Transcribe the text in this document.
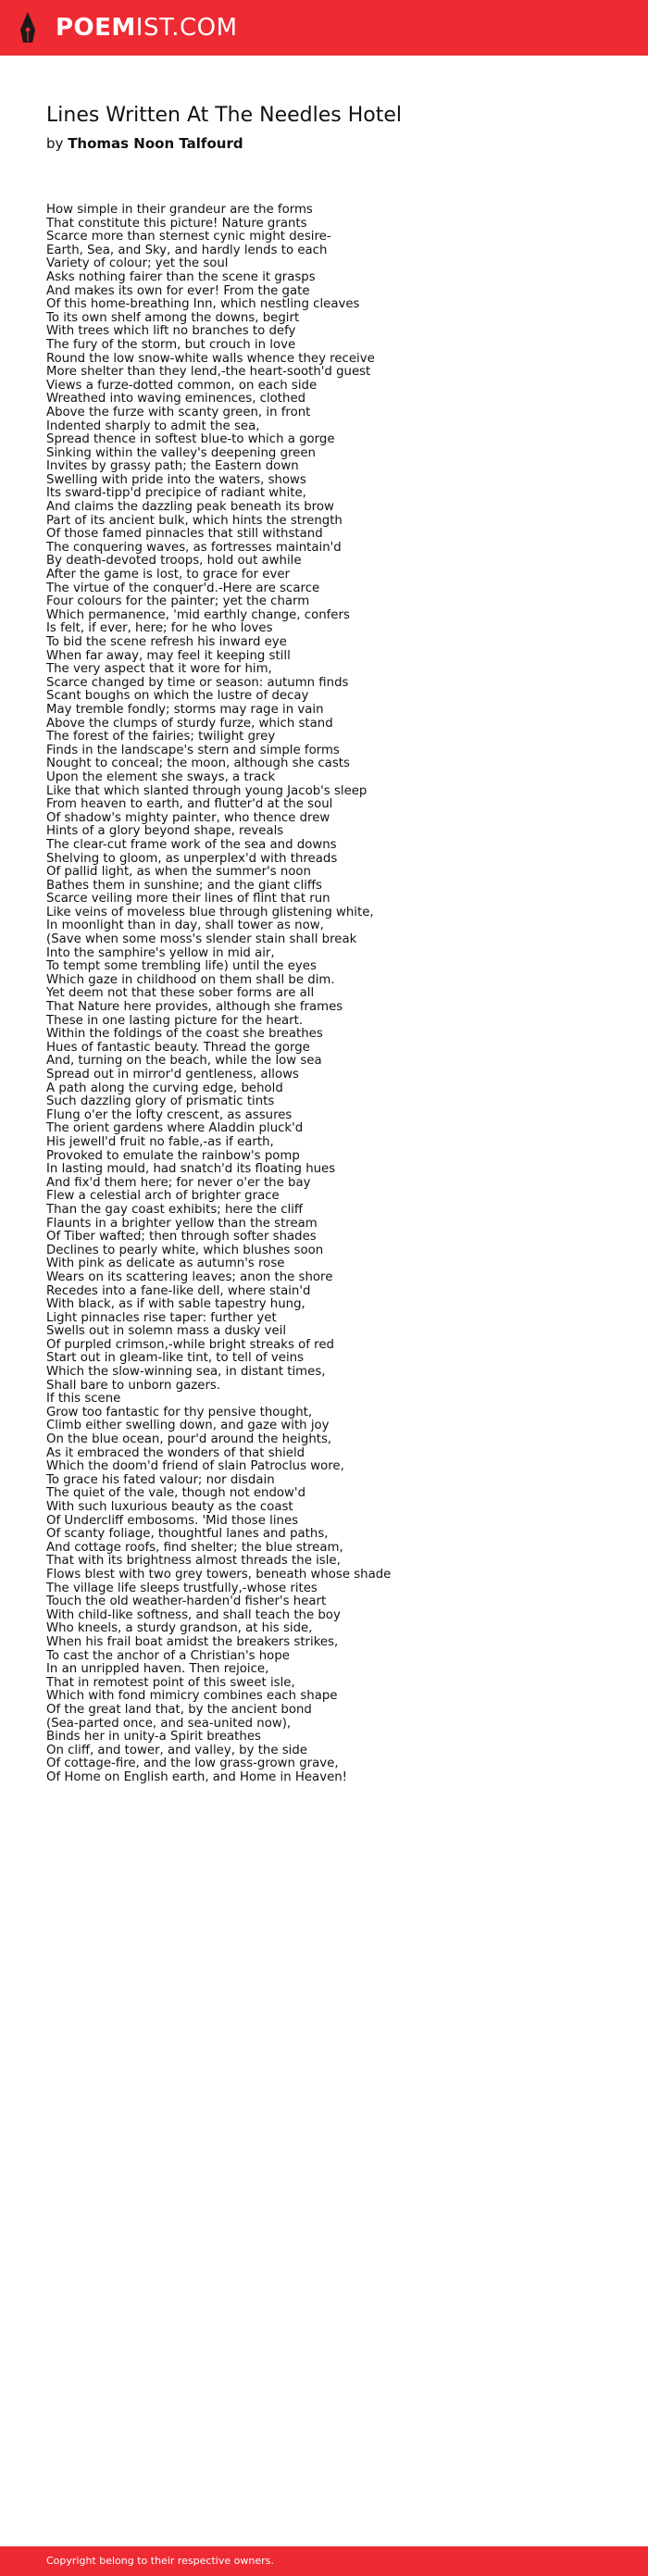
POEMIST.COM
Lines Written At The Needles Hotel
by Thomas Noon Talfourd
How simple in their grandeur are the forms
That constitute this picture! Nature grants
Scarce more than sternest cynic might desire-
Earth, Sea, and Sky, and hardly lends to each
Variety of colour; yet the soul
Asks nothing fairer than the scene it grasps
And makes its own for ever! From the gate
Of this home-breathing Inn, which nestling cleaves
To its own shelf among the downs, begirt
With trees which lift no branches to defy
The fury of the storm, but crouch in love
Round the low snow-white walls whence they receive
More shelter than they lend,-the heart-sooth'd guest
Views a furze-dotted common, on each side
Wreathed into waving eminences, clothed
Above the furze with scanty green, in front
Indented sharply to admit the sea,
Spread thence in softest blue-to which a gorge
Sinking within the valley's deepening green
Invites by grassy path; the Eastern down
Swelling with pride into the waters, shows
Its sward-tipp'd precipice of radiant white,
And claims the dazzling peak beneath its brow
Part of its ancient bulk, which hints the strength
Of those famed pinnacles that still withstand
The conquering waves, as fortresses maintain'd
By death-devoted troops, hold out awhile
After the game is lost, to grace for ever
The virtue of the conquer'd.-Here are scarce
Four colours for the painter; yet the charm
Which permanence, 'mid earthly change, confers
Is felt, if ever, here; for he who loves
To bid the scene refresh his inward eye
When far away, may feel it keeping still
The very aspect that it wore for him,
Scarce changed by time or season: autumn finds
Scant boughs on which the lustre of decay
May tremble fondly; storms may rage in vain
Above the clumps of sturdy furze, which stand
The forest of the fairies; twilight grey
Finds in the landscape's stern and simple forms
Nought to conceal; the moon, although she casts
Upon the element she sways, a track
Like that which slanted through young Jacob's sleep
From heaven to earth, and flutter'd at the soul
Of shadow's mighty painter, who thence drew
Hints of a glory beyond shape, reveals
The clear-cut frame work of the sea and downs
Shelving to gloom, as unperplex'd with threads
Of pallid light, as when the summer's noon
Bathes them in sunshine; and the giant cliffs
Scarce veiling more their lines of flint that run
Like veins of moveless blue through glistening white,
In moonlight than in day, shall tower as now,
(Save when some moss's slender stain shall break
Into the samphire's yellow in mid air,
To tempt some trembling life) until the eyes
Which gaze in childhood on them shall be dim.
Yet deem not that these sober forms are all
That Nature here provides, although she frames
These in one lasting picture for the heart.
Within the foldings of the coast she breathes
Hues of fantastic beauty. Thread the gorge
And, turning on the beach, while the low sea
Spread out in mirror'd gentleness, allows
A path along the curving edge, behold
Such dazzling glory of prismatic tints
Flung o'er the lofty crescent, as assures
The orient gardens where Aladdin pluck'd
His jewell'd fruit no fable,-as if earth,
Provoked to emulate the rainbow's pomp
In lasting mould, had snatch'd its floating hues
And fix'd them here; for never o'er the bay
Flew a celestial arch of brighter grace
Than the gay coast exhibits; here the cliff
Flaunts in a brighter yellow than the stream
Of Tiber wafted; then through softer shades
Declines to pearly white, which blushes soon
With pink as delicate as autumn's rose
Wears on its scattering leaves; anon the shore
Recedes into a fane-like dell, where stain'd
With black, as if with sable tapestry hung,
Light pinnacles rise taper: further yet
Swells out in solemn mass a dusky veil
Of purpled crimson,-while bright streaks of red
Start out in gleam-like tint, to tell of veins
Which the slow-winning sea, in distant times,
Shall bare to unborn gazers.
If this scene
Grow too fantastic for thy pensive thought,
Climb either swelling down, and gaze with joy
On the blue ocean, pour'd around the heights,
As it embraced the wonders of that shield
Which the doom'd friend of slain Patroclus wore,
To grace his fated valour; nor disdain
The quiet of the vale, though not endow'd
With such luxurious beauty as the coast
Of Undercliff embosoms. 'Mid those lines
Of scanty foliage, thoughtful lanes and paths,
And cottage roofs, find shelter; the blue stream,
That with its brightness almost threads the isle,
Flows blest with two grey towers, beneath whose shade
The village life sleeps trustfully,-whose rites
Touch the old weather-harden'd fisher's heart
With child-like softness, and shall teach the boy
Who kneels, a sturdy grandson, at his side,
When his frail boat amidst the breakers strikes,
To cast the anchor of a Christian's hope
In an unrippled haven. Then rejoice,
That in remotest point of this sweet isle,
Which with fond mimicry combines each shape
Of the great land that, by the ancient bond
(Sea-parted once, and sea-united now),
Binds her in unity-a Spirit breathes
On cliff, and tower, and valley, by the side
Of cottage-fire, and the low grass-grown grave,
Of Home on English earth, and Home in Heaven!
Copyright belong to their respective owners.
